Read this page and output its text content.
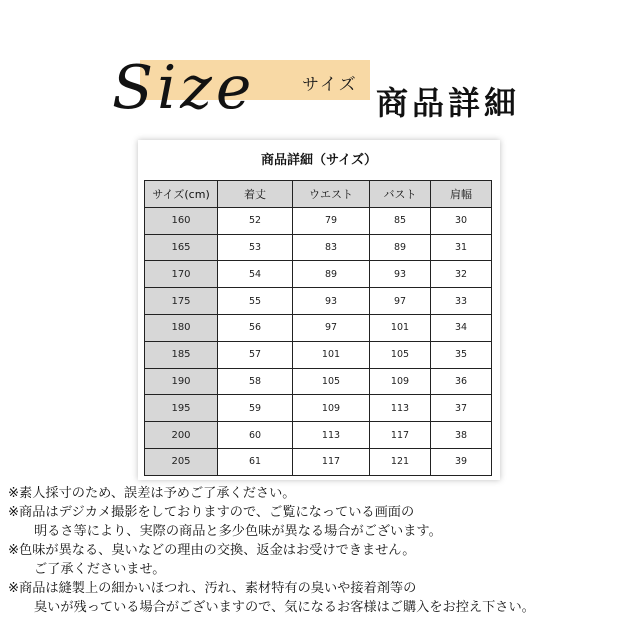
Size	サイズ 商品詳細
商品詳細（サイズ）
サイズ(cm)	着丈	ウエスト	バスト	肩幅
160	52	79	85	30
165	53	83	89	31
170	54	89	93	32
175	55	93	97	33
180	56	97	101	34
185	57	101	105	35
190	58	105	109	36
195	59	109	113	37
200	60	113	117	38
205	61	117	121	39
※素人採寸のため、誤差は予めご了承ください。
※商品はデジカメ撮影をしておりますので、ご覧になっている画面の
明るさ等により、実際の商品と多少色味が異なる場合がございます。
※色味が異なる、臭いなどの理由の交換、返金はお受けできません。
ご了承くださいませ。
※商品は縫製上の細かいほつれ、汚れ、素材特有の臭いや接着剤等の
臭いが残っている場合がございますので、気になるお客様はご購入をお控え下さい。
